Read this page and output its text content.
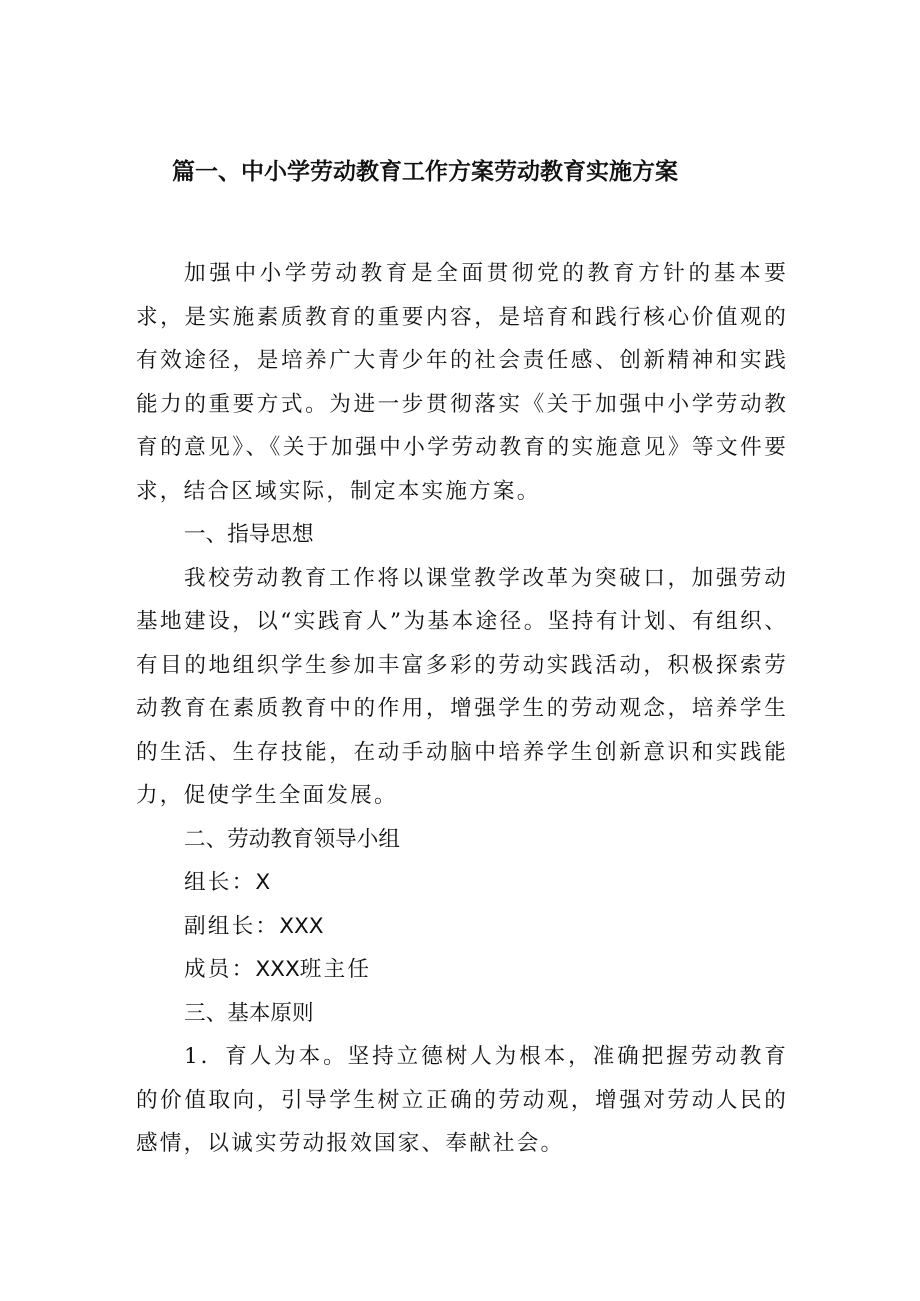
篇一、中小学劳动教育工作方案劳动教育实施方案

加强中小学劳动教育是全面贯彻党的教育方针的基本要求，是实施素质教育的重要内容，是培育和践行核心价值观的有效途径，是培养广大青少年的社会责任感、创新精神和实践能力的重要方式。为进一步贯彻落实《关于加强中小学劳动教育的意见》、《关于加强中小学劳动教育的实施意见》等文件要求，结合区域实际，制定本实施方案。

一、指导思想

我校劳动教育工作将以课堂教学改革为突破口，加强劳动基地建设，以“实践育人”为基本途径。坚持有计划、有组织、有目的地组织学生参加丰富多彩的劳动实践活动，积极探索劳动教育在素质教育中的作用，增强学生的劳动观念，培养学生的生活、生存技能，在动手动脑中培养学生创新意识和实践能力，促使学生全面发展。

二、劳动教育领导小组

组长：X

副组长：XXX

成员：XXX班主任

三、基本原则

1．育人为本。坚持立德树人为根本，准确把握劳动教育的价值取向，引导学生树立正确的劳动观，增强对劳动人民的感情，以诚实劳动报效国家、奉献社会。
